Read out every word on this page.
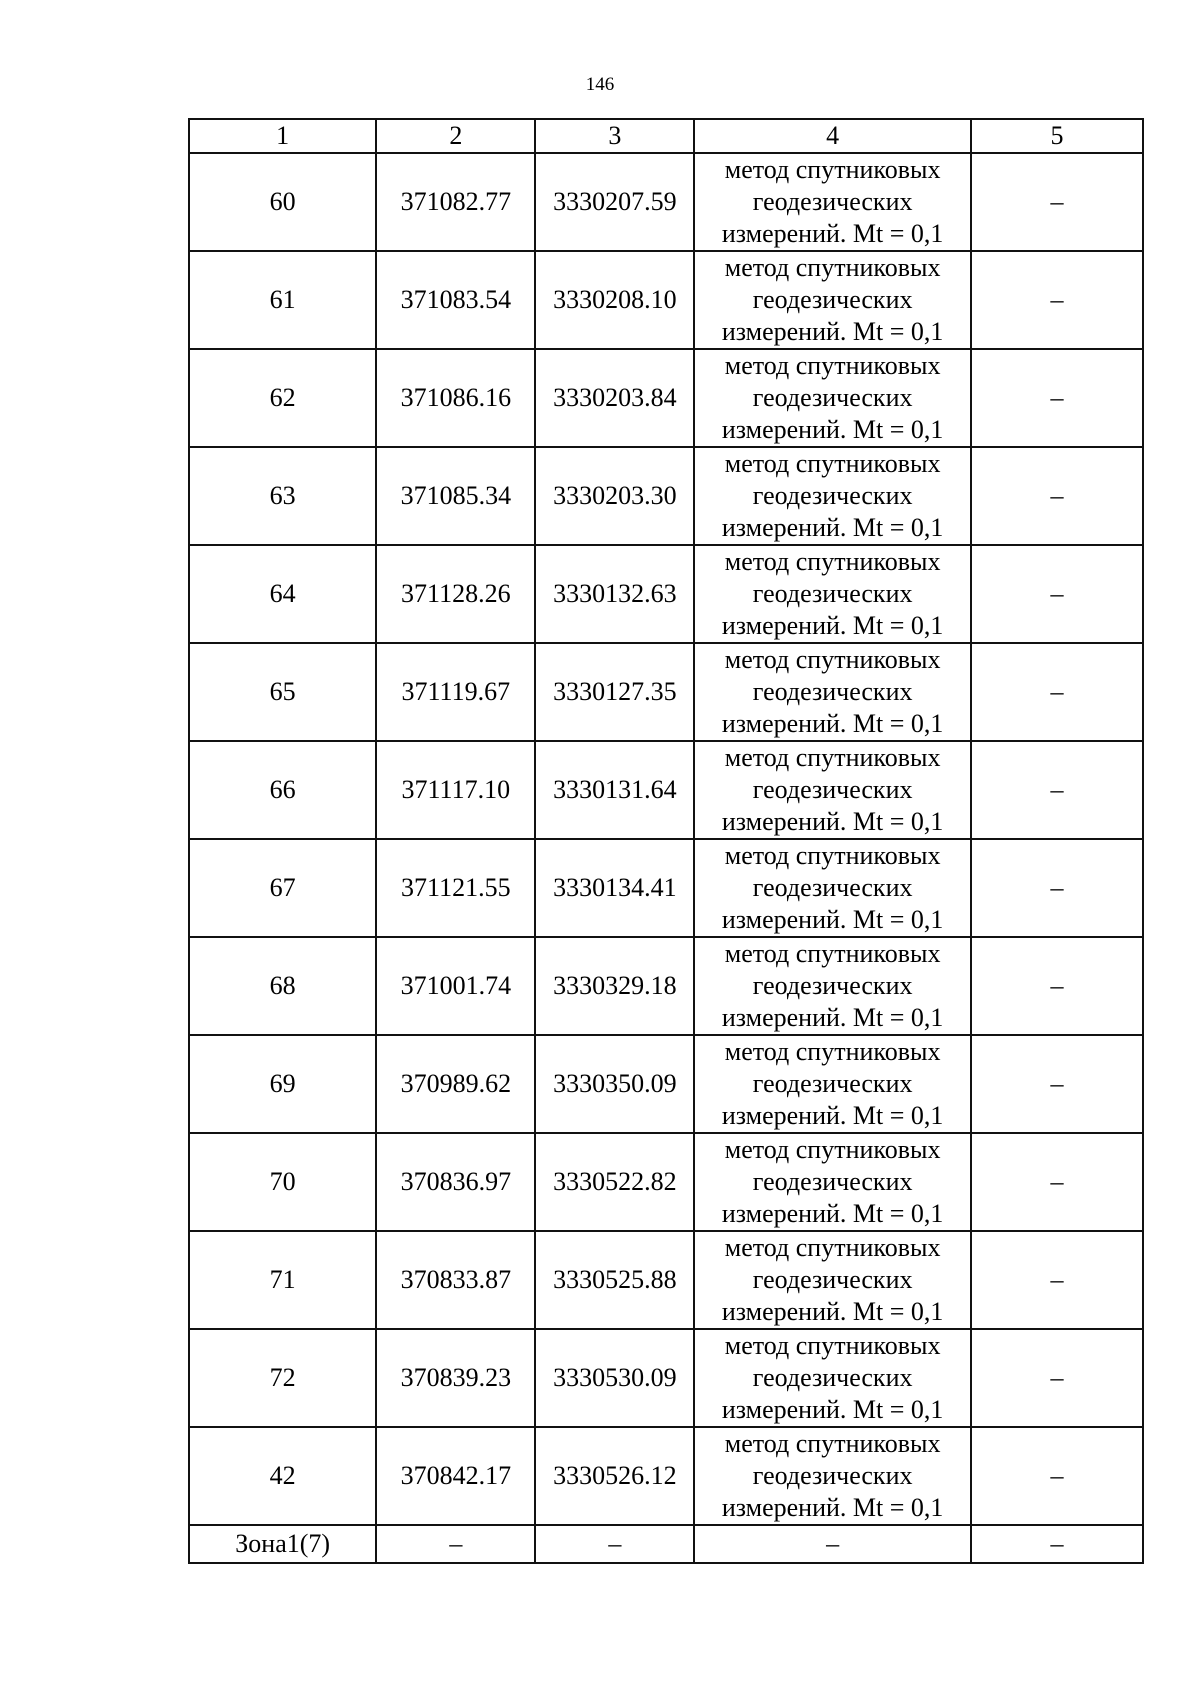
146
1	2	3	4	5
60	371082.77	3330207.59	метод спутниковых
геодезических
измерений. Mt = 0,1	–
61	371083.54	3330208.10	метод спутниковых
геодезических
измерений. Mt = 0,1	–
62	371086.16	3330203.84	метод спутниковых
геодезических
измерений. Mt = 0,1	–
63	371085.34	3330203.30	метод спутниковых
геодезических
измерений. Mt = 0,1	–
64	371128.26	3330132.63	метод спутниковых
геодезических
измерений. Mt = 0,1	–
65	371119.67	3330127.35	метод спутниковых
геодезических
измерений. Mt = 0,1	–
66	371117.10	3330131.64	метод спутниковых
геодезических
измерений. Mt = 0,1	–
67	371121.55	3330134.41	метод спутниковых
геодезических
измерений. Mt = 0,1	–
68	371001.74	3330329.18	метод спутниковых
геодезических
измерений. Mt = 0,1	–
69	370989.62	3330350.09	метод спутниковых
геодезических
измерений. Mt = 0,1	–
70	370836.97	3330522.82	метод спутниковых
геодезических
измерений. Mt = 0,1	–
71	370833.87	3330525.88	метод спутниковых
геодезических
измерений. Mt = 0,1	–
72	370839.23	3330530.09	метод спутниковых
геодезических
измерений. Mt = 0,1	–
42	370842.17	3330526.12	метод спутниковых
геодезических
измерений. Mt = 0,1	–
Зона1(7)	–	–	–	–
